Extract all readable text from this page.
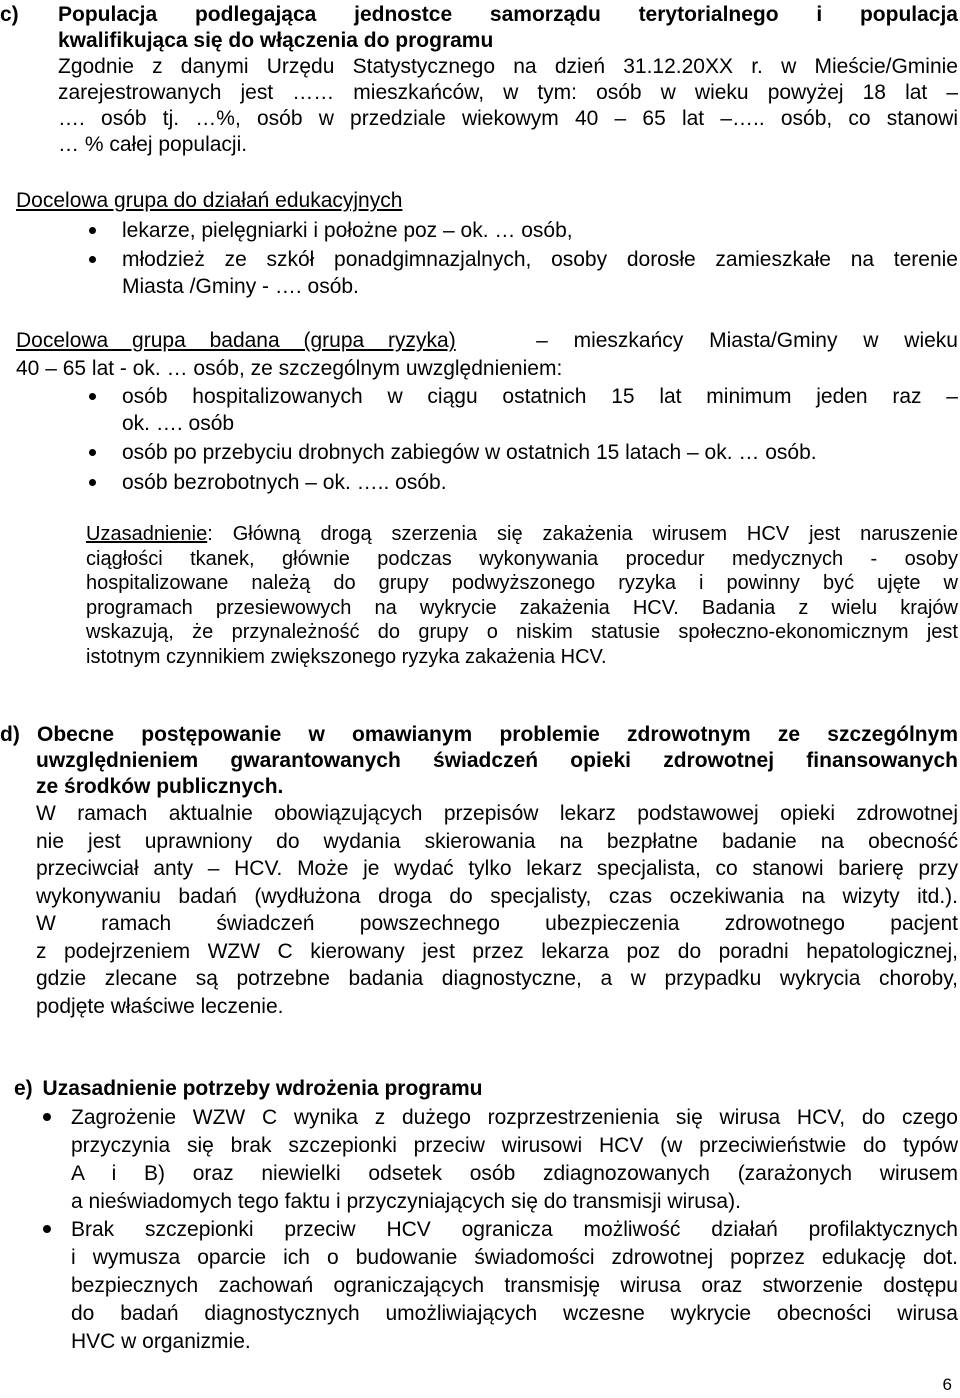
c) Populacja podlegająca jednostce samorządu terytorialnego i populacja
kwalifikująca się do włączenia do programu

Zgodnie z danymi Urzędu Statystycznego na dzień 31.12.20XX r. w Mieście/Gminie

zarejestrowanych jest …… mieszkańców, w tym: osób w wieku powyżej 18 lat –

…. osób tj. …%, osób w przedziale wiekowym 40 – 65 lat –….. osób, co stanowi

… % całej populacji.

Docelowa grupa do działań edukacyjnych
lekarze, pielęgniarki i położne poz – ok. … osób,
młodzież ze szkół ponadgimnazjalnych, osoby dorosłe zamieszkałe na terenie
Miasta /Gminy - …. osób.
Docelowa grupa badana (grupa ryzyka)	– mieszkańcy Miasta/Gminy w wieku
40 – 65 lat - ok. … osób, ze szczególnym uwzględnieniem:
osób hospitalizowanych w ciągu ostatnich 15 lat minimum jeden raz –
ok. …. osób
osób po przebyciu drobnych zabiegów w ostatnich 15 latach – ok. … osób.
osób bezrobotnych – ok. ….. osób.

Uzasadnienie: Główną drogą szerzenia się zakażenia wirusem HCV jest naruszenie

ciągłości tkanek, głównie podczas wykonywania procedur medycznych - osoby

hospitalizowane należą do grupy podwyższonego ryzyka i powinny być ujęte w

programach przesiewowych na wykrycie zakażenia HCV. Badania z wielu krajów

wskazują, że przynależność do grupy o niskim statusie społeczno-ekonomicznym jest

istotnym czynnikiem zwiększonego ryzyka zakażenia HCV.

d) Obecne postępowanie w omawianym problemie zdrowotnym ze szczególnym

uwzględnieniem gwarantowanych świadczeń opieki zdrowotnej finansowanych

ze środków publicznych.

W ramach aktualnie obowiązujących przepisów lekarz podstawowej opieki zdrowotnej

nie jest uprawniony do wydania skierowania na bezpłatne badanie na obecność

przeciwciał anty – HCV. Może je wydać tylko lekarz specjalista, co stanowi barierę przy

wykonywaniu badań (wydłużona droga do specjalisty, czas oczekiwania na wizyty itd.).

W ramach świadczeń powszechnego ubezpieczenia zdrowotnego pacjent

z podejrzeniem WZW C kierowany jest przez lekarza poz do poradni hepatologicznej,

gdzie zlecane są potrzebne badania diagnostyczne, a w przypadku wykrycia choroby,

podjęte właściwe leczenie.

e) Uzasadnienie potrzeby wdrożenia programu

Zagrożenie WZW C wynika z dużego rozprzestrzenienia się wirusa HCV, do czego

przyczynia się brak szczepionki przeciw wirusowi HCV (w przeciwieństwie do typów

A i B) oraz niewielki odsetek osób zdiagnozowanych (zarażonych wirusem

a nieświadomych tego faktu i przyczyniających się do transmisji wirusa).

Brak szczepionki przeciw HCV ogranicza możliwość działań profilaktycznych

i wymusza oparcie ich o budowanie świadomości zdrowotnej poprzez edukację dot.

bezpiecznych zachowań ograniczających transmisję wirusa oraz stworzenie dostępu

do badań diagnostycznych umożliwiających wczesne wykrycie obecności wirusa

HVC w organizmie.

6
